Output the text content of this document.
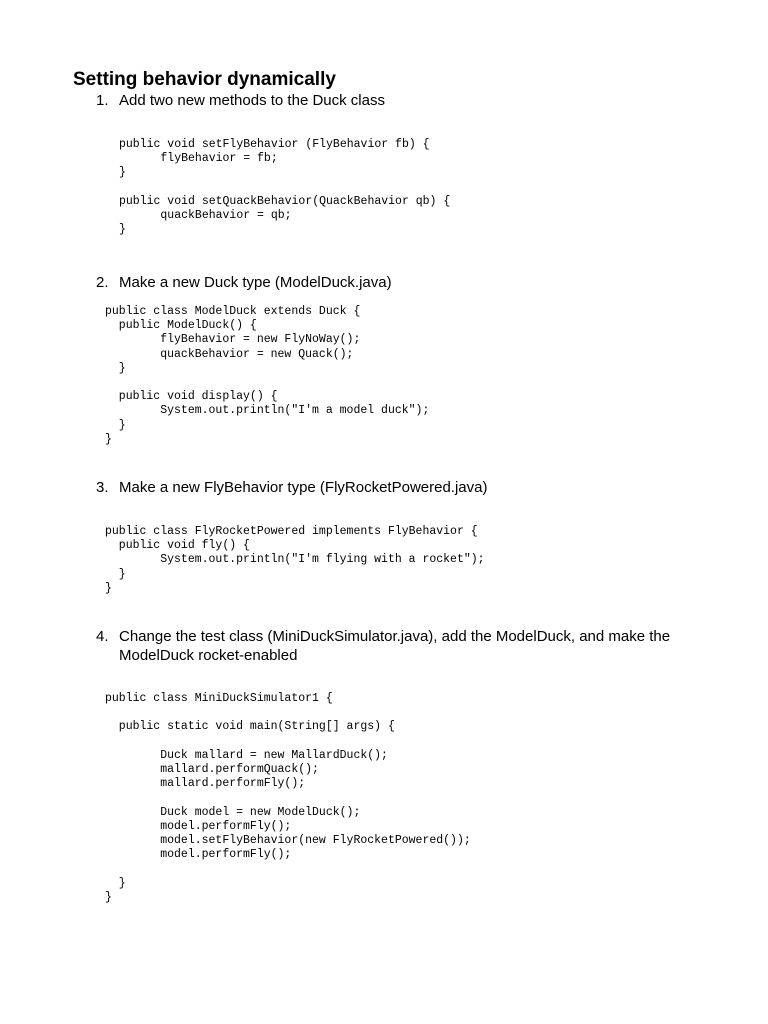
Setting behavior dynamically
1. Add two new methods to the Duck class
public void setFlyBehavior (FlyBehavior fb) {
flyBehavior = fb;
}

public void setQuackBehavior(QuackBehavior qb) {
quackBehavior = qb;
}
2. Make a new Duck type (ModelDuck.java)
public class ModelDuck extends Duck {
public ModelDuck() {
flyBehavior = new FlyNoWay();
quackBehavior = new Quack();
}

public void display() {
System.out.println("I'm a model duck");
}
}
3. Make a new FlyBehavior type (FlyRocketPowered.java)
public class FlyRocketPowered implements FlyBehavior {
public void fly() {
System.out.println("I'm flying with a rocket");
}
}
4. Change the test class (MiniDuckSimulator.java), add the ModelDuck, and make the
ModelDuck rocket-enabled
public class MiniDuckSimulator1 {

public static void main(String[] args) {

Duck mallard = new MallardDuck();
mallard.performQuack();
mallard.performFly();

Duck model = new ModelDuck();
model.performFly();
model.setFlyBehavior(new FlyRocketPowered());
model.performFly();

}
}
